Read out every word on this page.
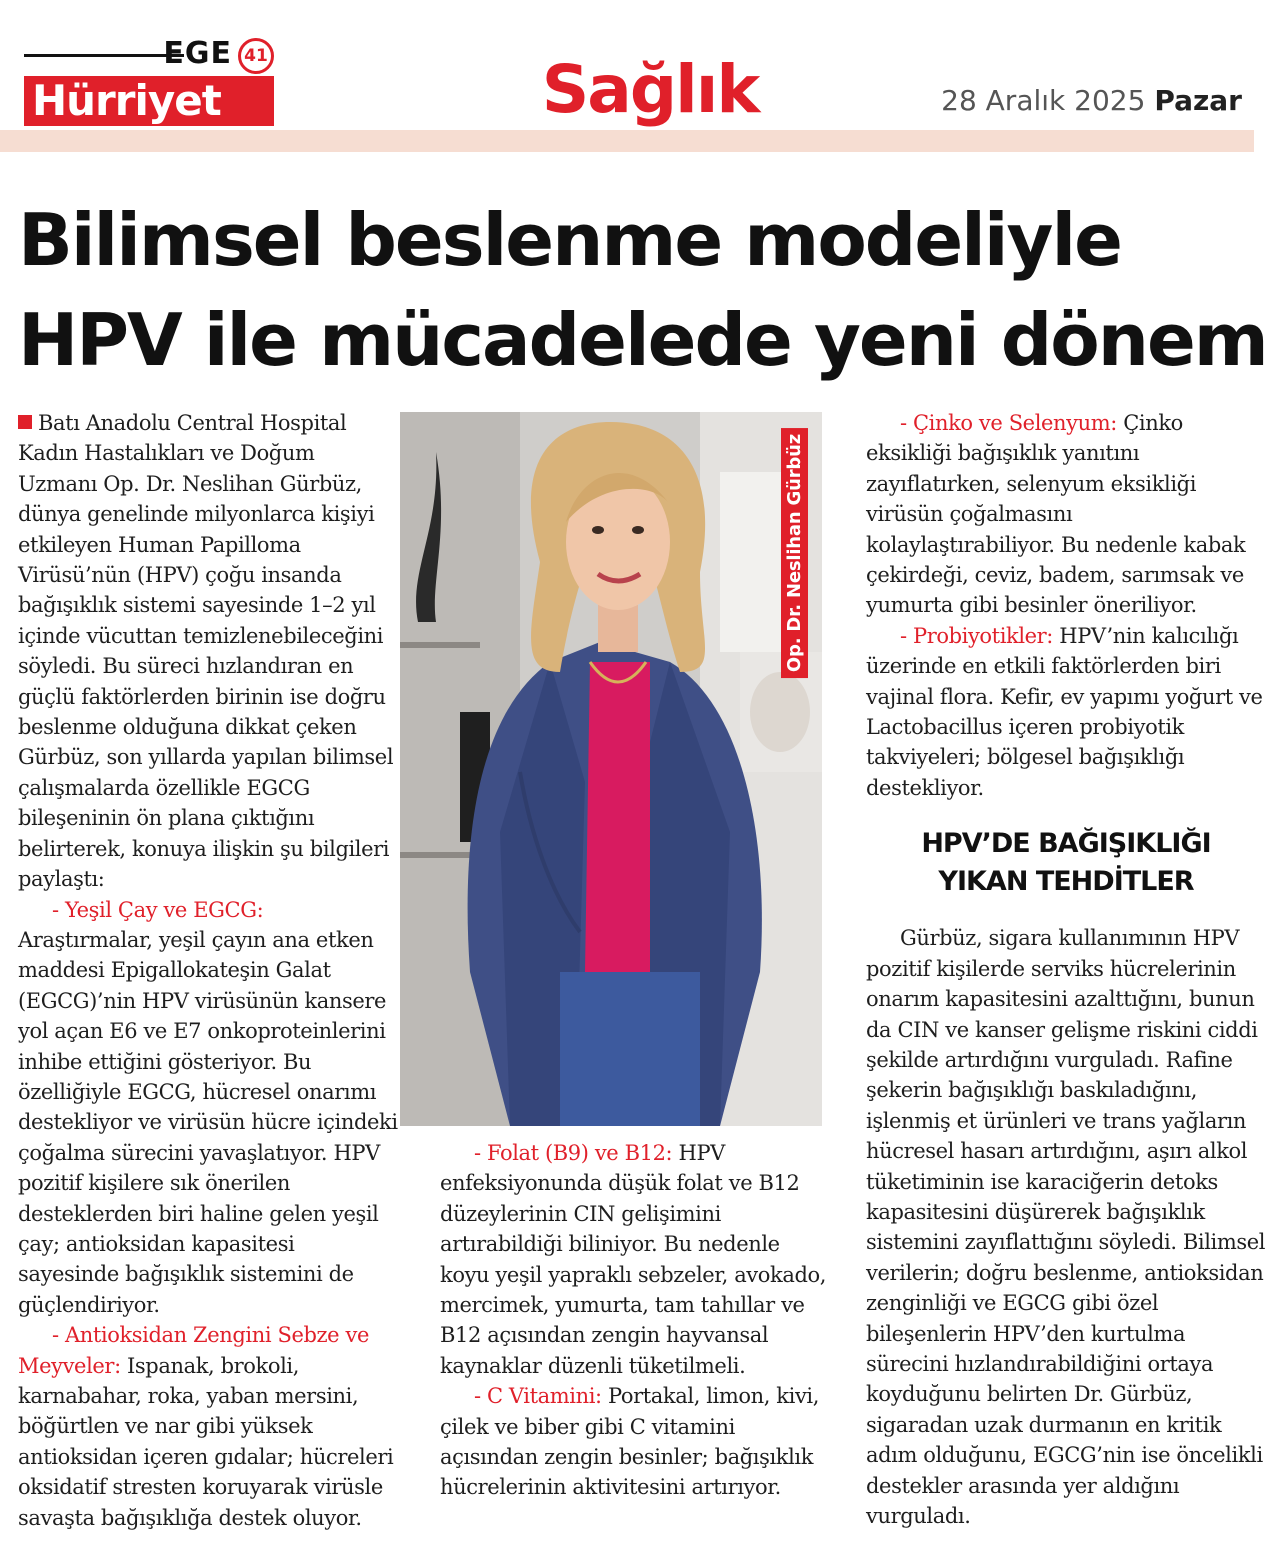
EGE 41
Hürriyet	Sağlık	28 Aralık 2025 Pazar
Bilimsel beslenme modeliyle
HPV ile mücadelede yeni dönem

Batı Anadolu Central Hospital Kadın Hastalıkları ve Doğum Uzmanı Op. Dr. Neslihan Gürbüz, dünya genelinde milyonlarca kişiyi etkileyen Human Papilloma Virüsü’nün (HPV) çoğu insanda bağışıklık sistemi sayesinde 1–2 yıl içinde vücuttan temizlenebileceğini söyledi. Bu süreci hızlandıran en güçlü faktörlerden birinin ise doğru beslenme olduğuna dikkat çeken Gürbüz, son yıllarda yapılan bilimsel çalışmalarda özellikle EGCG bileşeninin ön plana çıktığını belirterek, konuya ilişkin şu bilgileri paylaştı:

- Yeşil Çay ve EGCG: Araştırmalar, yeşil çayın ana etken maddesi Epigallokateşin Galat (EGCG)’nin HPV virüsünün kansere yol açan E6 ve E7 onkoproteinlerini inhibe ettiğini gösteriyor. Bu özelliğiyle EGCG, hücresel onarımı destekliyor ve virüsün hücre içindeki çoğalma sürecini yavaşlatıyor. HPV pozitif kişilere sık önerilen desteklerden biri haline gelen yeşil çay; antioksidan kapasitesi sayesinde bağışıklık sistemini de güçlendiriyor.

- Antioksidan Zengini Sebze ve Meyveler: Ispanak, brokoli, karnabahar, roka, yaban mersini, böğürtlen ve nar gibi yüksek antioksidan içeren gıdalar; hücreleri oksidatif stresten koruyarak virüsle savaşta bağışıklığa destek oluyor.

Op. Dr. Neslihan Gürbüz

- Folat (B9) ve B12: HPV enfeksiyonunda düşük folat ve B12 düzeylerinin CIN gelişimini artırabildiği biliniyor. Bu nedenle koyu yeşil yapraklı sebzeler, avokado, mercimek, yumurta, tam tahıllar ve B12 açısından zengin hayvansal kaynaklar düzenli tüketilmeli.

- C Vitamini: Portakal, limon, kivi, çilek ve biber gibi C vitamini açısından zengin besinler; bağışıklık hücrelerinin aktivitesini artırıyor.

- Çinko ve Selenyum: Çinko eksikliği bağışıklık yanıtını zayıflatırken, selenyum eksikliği virüsün çoğalmasını kolaylaştırabiliyor. Bu nedenle kabak çekirdeği, ceviz, badem, sarımsak ve yumurta gibi besinler öneriliyor.

- Probiyotikler: HPV’nin kalıcılığı üzerinde en etkili faktörlerden biri vajinal flora. Kefir, ev yapımı yoğurt ve Lactobacillus içeren probiyotik takviyeleri; bölgesel bağışıklığı destekliyor.

HPV’DE BAĞIŞIKLIĞI
YIKAN TEHDİTLER

Gürbüz, sigara kullanımının HPV pozitif kişilerde serviks hücrelerinin onarım kapasitesini azalttığını, bunun da CIN ve kanser gelişme riskini ciddi şekilde artırdığını vurguladı. Rafine şekerin bağışıklığı baskıladığını, işlenmiş et ürünleri ve trans yağların hücresel hasarı artırdığını, aşırı alkol tüketiminin ise karaciğerin detoks kapasitesini düşürerek bağışıklık sistemini zayıflattığını söyledi. Bilimsel verilerin; doğru beslenme, antioksidan zenginliği ve EGCG gibi özel bileşenlerin HPV’den kurtulma sürecini hızlandırabildiğini ortaya koyduğunu belirten Dr. Gürbüz, sigaradan uzak durmanın en kritik adım olduğunu, EGCG’nin ise öncelikli destekler arasında yer aldığını vurguladı.
